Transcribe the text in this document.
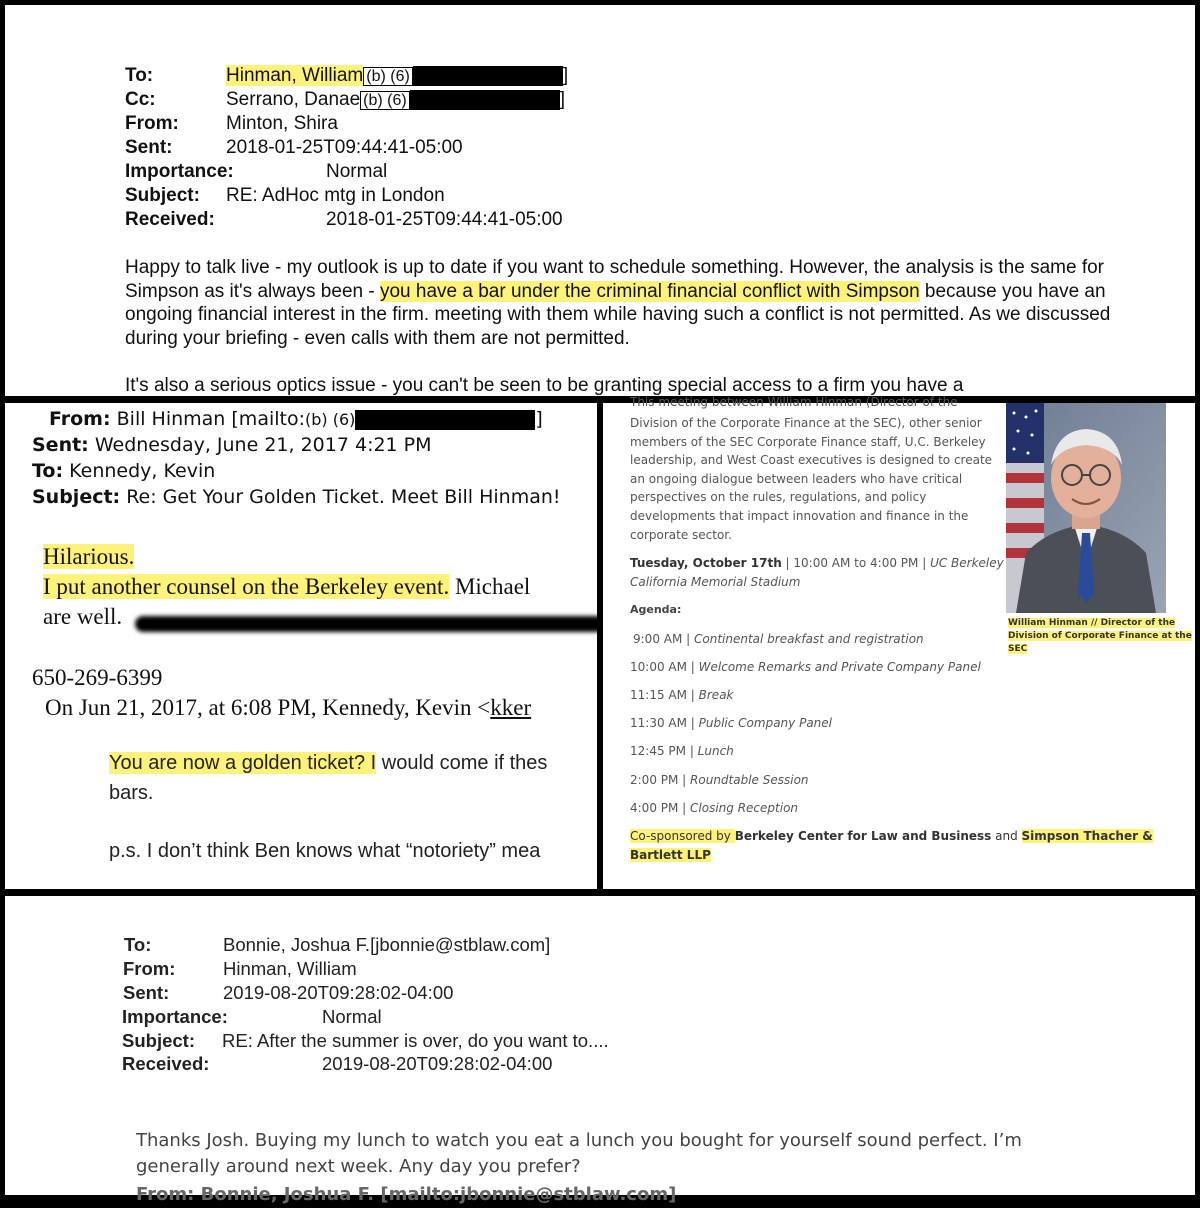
To:	Hinman, William (b) (6)	]
Cc:	Serrano, Danae (b) (6)	]
From: Minton, Shira
Sent:	2018-01-25T09:44:41-05:00
Importance:	Normal
Subject: RE: AdHoc mtg in London
Received:	2018-01-25T09:44:41-05:00
Happy to talk live - my outlook is up to date if you want to schedule something. However, the analysis is the same for Simpson as it's always been - you have a bar under the criminal financial conflict with Simpson because you have an ongoing financial interest in the firm. meeting with them while having such a conflict is not permitted. As we discussed during your briefing - even calls with them are not permitted.
It's also a serious optics issue - you can't be seen to be granting special access to a firm you have a
From: Bill Hinman [mailto:(b) (6)	]
Sent: Wednesday, June 21, 2017 4:21 PM
To: Kennedy, Kevin
Subject: Re: Get Your Golden Ticket. Meet Bill Hinman!
Hilarious.
I put another counsel on the Berkeley event. Michael
are well.
650-269-6399
On Jun 21, 2017, at 6:08 PM, Kennedy, Kevin <kker
You are now a golden ticket? I would come if thes
bars.
p.s. I don’t think Ben knows what “notoriety” mea
This meeting between William Hinman (Director of the
Division of the Corporate Finance at the SEC), other senior members of the SEC Corporate Finance staff, U.C. Berkeley leadership, and West Coast executives is designed to create an ongoing dialogue between leaders who have critical perspectives on the rules, regulations, and policy developments that impact innovation and finance in the corporate sector.
Tuesday, October 17th | 10:00 AM to 4:00 PM | UC Berkeley
California Memorial Stadium
Agenda:
9:00 AM | Continental breakfast and registration
10:00 AM | Welcome Remarks and Private Company Panel
11:15 AM | Break
11:30 AM | Public Company Panel
12:45 PM | Lunch
2:00 PM | Roundtable Session
4:00 PM | Closing Reception
Co-sponsored by Berkeley Center for Law and Business and Simpson Thacher &
Bartlett LLP
William Hinman // Director of the
Division of Corporate Finance at the
SEC
To:	Bonnie, Joshua F.[jbonnie@stblaw.com]
From:	Hinman, William
Sent:	2019-08-20T09:28:02-04:00
Importance:	Normal
Subject: RE: After the summer is over, do you want to....
Received:	2019-08-20T09:28:02-04:00
Thanks Josh. Buying my lunch to watch you eat a lunch you bought for yourself sound perfect. I’m generally around next week. Any day you prefer?
From: Bonnie, Joshua F. [mailto:jbonnie@stblaw.com]
